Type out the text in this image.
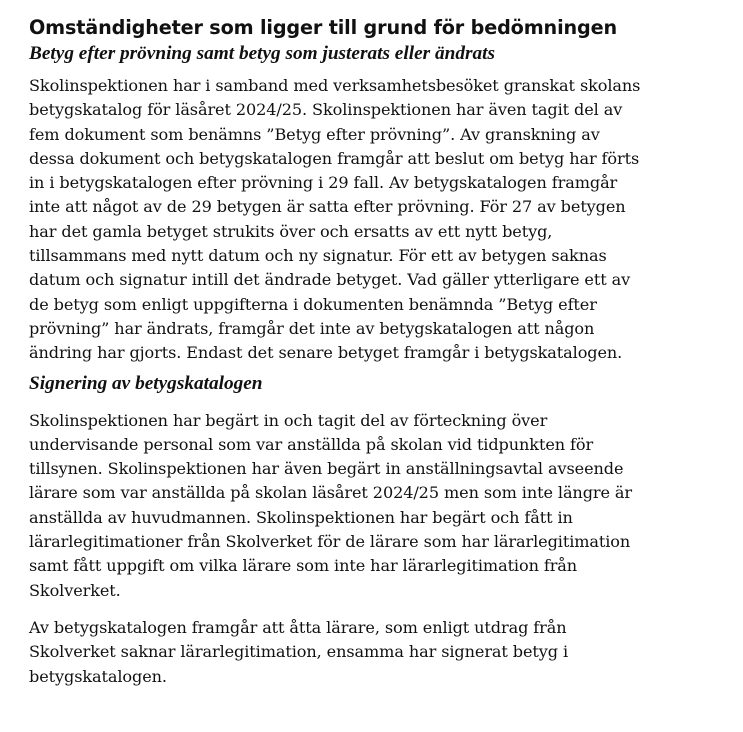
Omständigheter som ligger till grund för bedömningen
Betyg efter prövning samt betyg som justerats eller ändrats

Skolinspektionen har i samband med verksamhetsbesöket granskat skolans
betygskatalog för läsåret 2024/25. Skolinspektionen har även tagit del av
fem dokument som benämns ”Betyg efter prövning”. Av granskning av
dessa dokument och betygskatalogen framgår att beslut om betyg har förts
in i betygskatalogen efter prövning i 29 fall. Av betygskatalogen framgår
inte att något av de 29 betygen är satta efter prövning. För 27 av betygen
har det gamla betyget strukits över och ersatts av ett nytt betyg,
tillsammans med nytt datum och ny signatur. För ett av betygen saknas
datum och signatur intill det ändrade betyget. Vad gäller ytterligare ett av
de betyg som enligt uppgifterna i dokumenten benämnda ”Betyg efter
prövning” har ändrats, framgår det inte av betygskatalogen att någon
ändring har gjorts. Endast det senare betyget framgår i betygskatalogen.

Signering av betygskatalogen

Skolinspektionen har begärt in och tagit del av förteckning över
undervisande personal som var anställda på skolan vid tidpunkten för
tillsynen. Skolinspektionen har även begärt in anställningsavtal avseende
lärare som var anställda på skolan läsåret 2024/25 men som inte längre är
anställda av huvudmannen. Skolinspektionen har begärt och fått in
lärarlegitimationer från Skolverket för de lärare som har lärarlegitimation
samt fått uppgift om vilka lärare som inte har lärarlegitimation från
Skolverket.

Av betygskatalogen framgår att åtta lärare, som enligt utdrag från
Skolverket saknar lärarlegitimation, ensamma har signerat betyg i
betygskatalogen.
